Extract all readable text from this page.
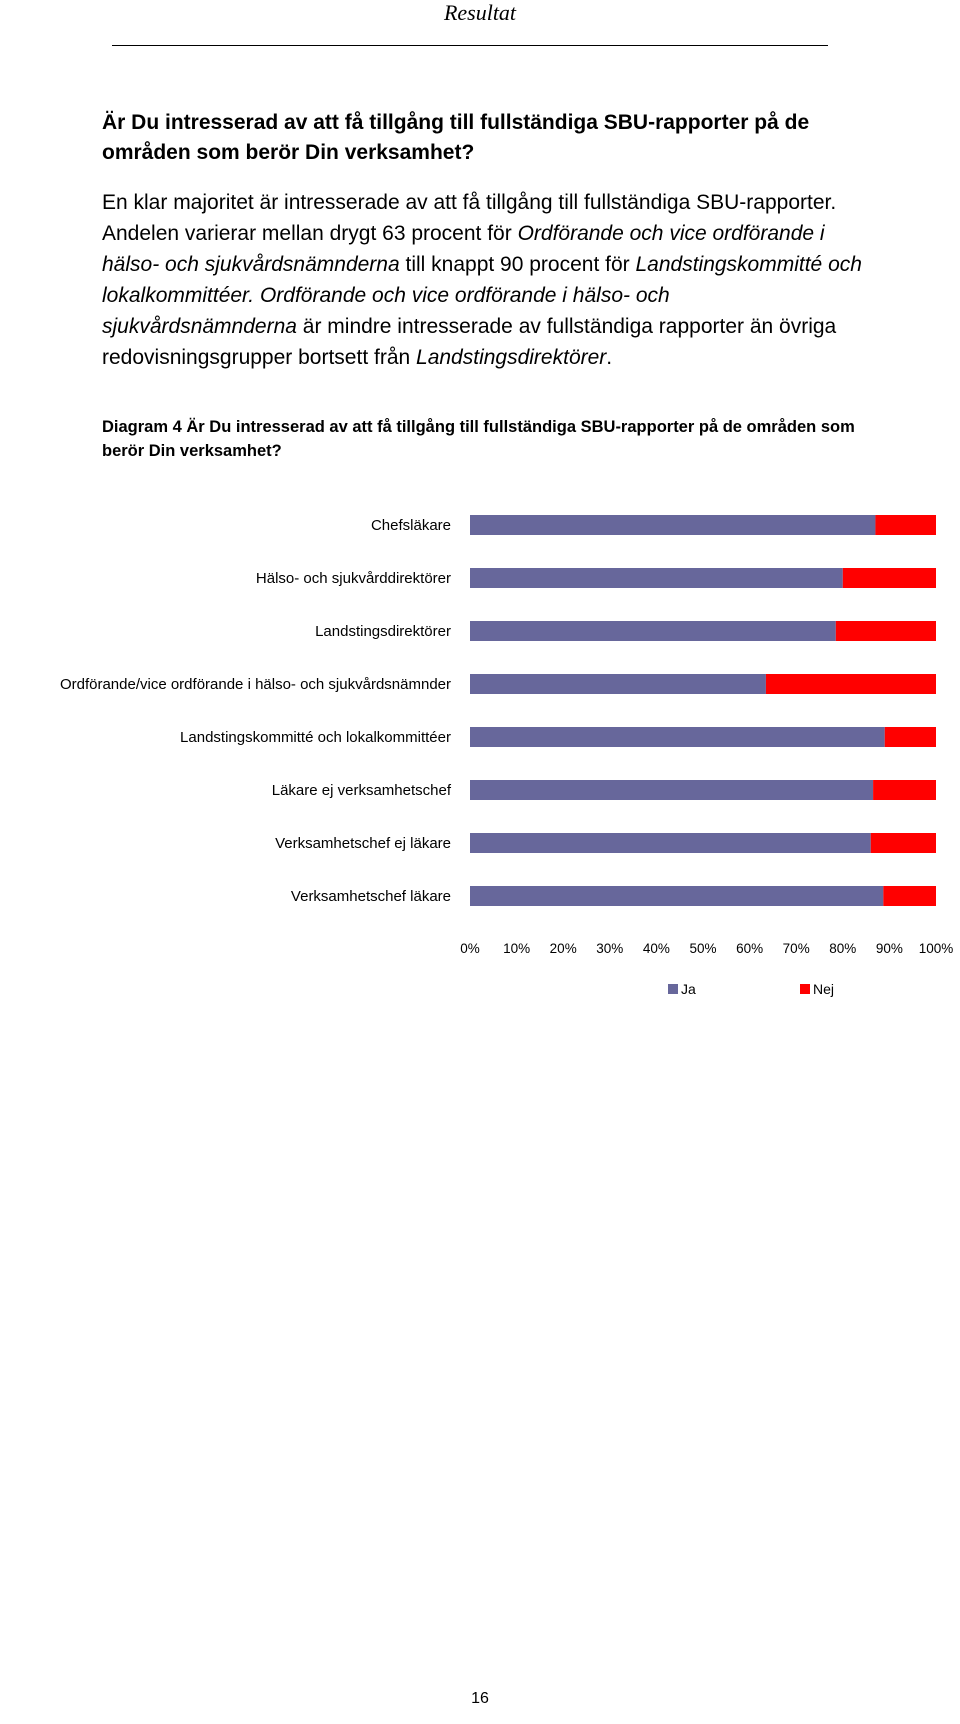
Resultat

Är Du intresserad av att få tillgång till fullständiga SBU-rapporter på de områden som berör Din verksamhet?

En klar majoritet är intresserade av att få tillgång till fullständiga SBU-rapporter. Andelen varierar mellan drygt 63 procent för Ordförande och vice ordförande i hälso- och sjukvårdsnämnderna till knappt 90 procent för Landstingskommitté och lokalkommittéer. Ordförande och vice ordförande i hälso- och sjukvårdsnämnderna är mindre intresserade av fullständiga rapporter än övriga redovisningsgrupper bortsett från Landstingsdirektörer.

Diagram 4 Är Du intresserad av att få tillgång till fullständiga SBU-rapporter på de områden som berör Din verksamhet?

Chefsläkare
Hälso- och sjukvårddirektörer
Landstingsdirektörer
Ordförande/vice ordförande i hälso- och sjukvårdsnämnder
Landstingskommitté och lokalkommittéer
Läkare ej verksamhetschef
Verksamhetschef ej läkare
Verksamhetschef läkare
0% 10% 20% 30% 40% 50% 60% 70% 80% 90% 100%
Ja	Nej
16
